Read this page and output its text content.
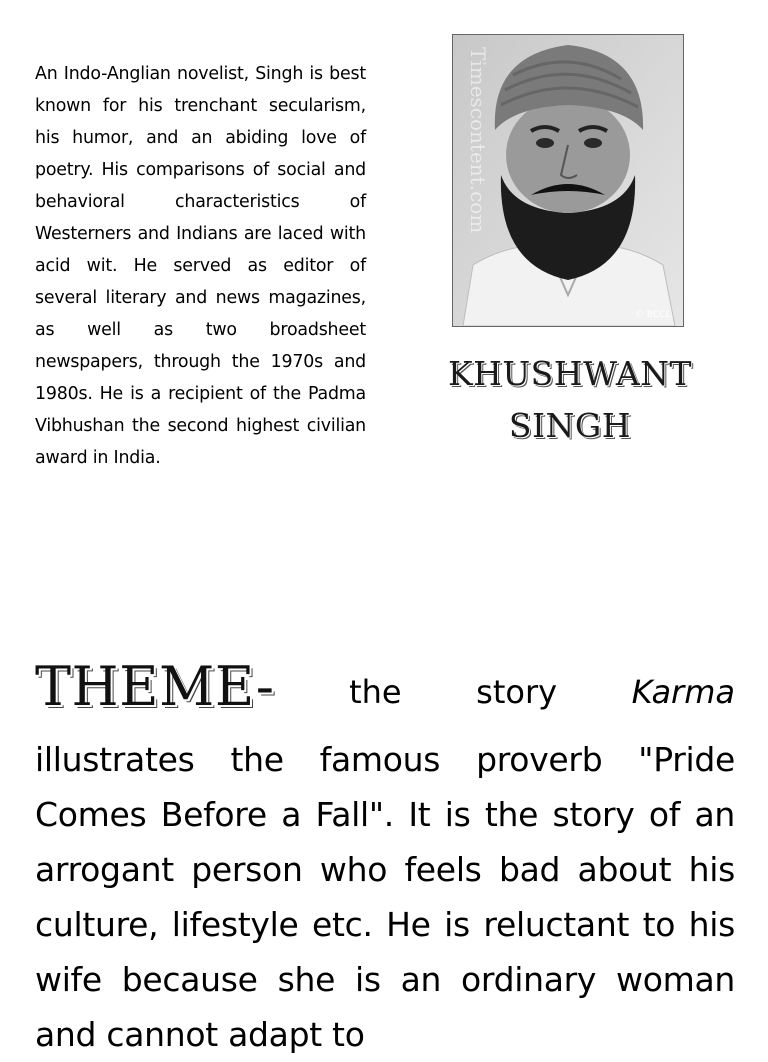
An Indo-Anglian novelist, Singh is best known for his trenchant secularism, his humor, and an abiding love of poetry. His comparisons of social and behavioral characteristics of Westerners and Indians are laced with acid wit. He served as editor of several literary and news magazines, as well as two broadsheet newspapers, through the 1970s and 1980s. He is a recipient of the Padma Vibhushan the second highest civilian award in India.

Timescontent.com
© BCCL
KHUSHWANT
SINGH
THEME- the story Karma

illustrates the famous proverb "Pride Comes Before a Fall". It is the story of an arrogant person who feels bad about his culture, lifestyle etc. He is reluctant to his wife because she is an ordinary woman and cannot adapt to
